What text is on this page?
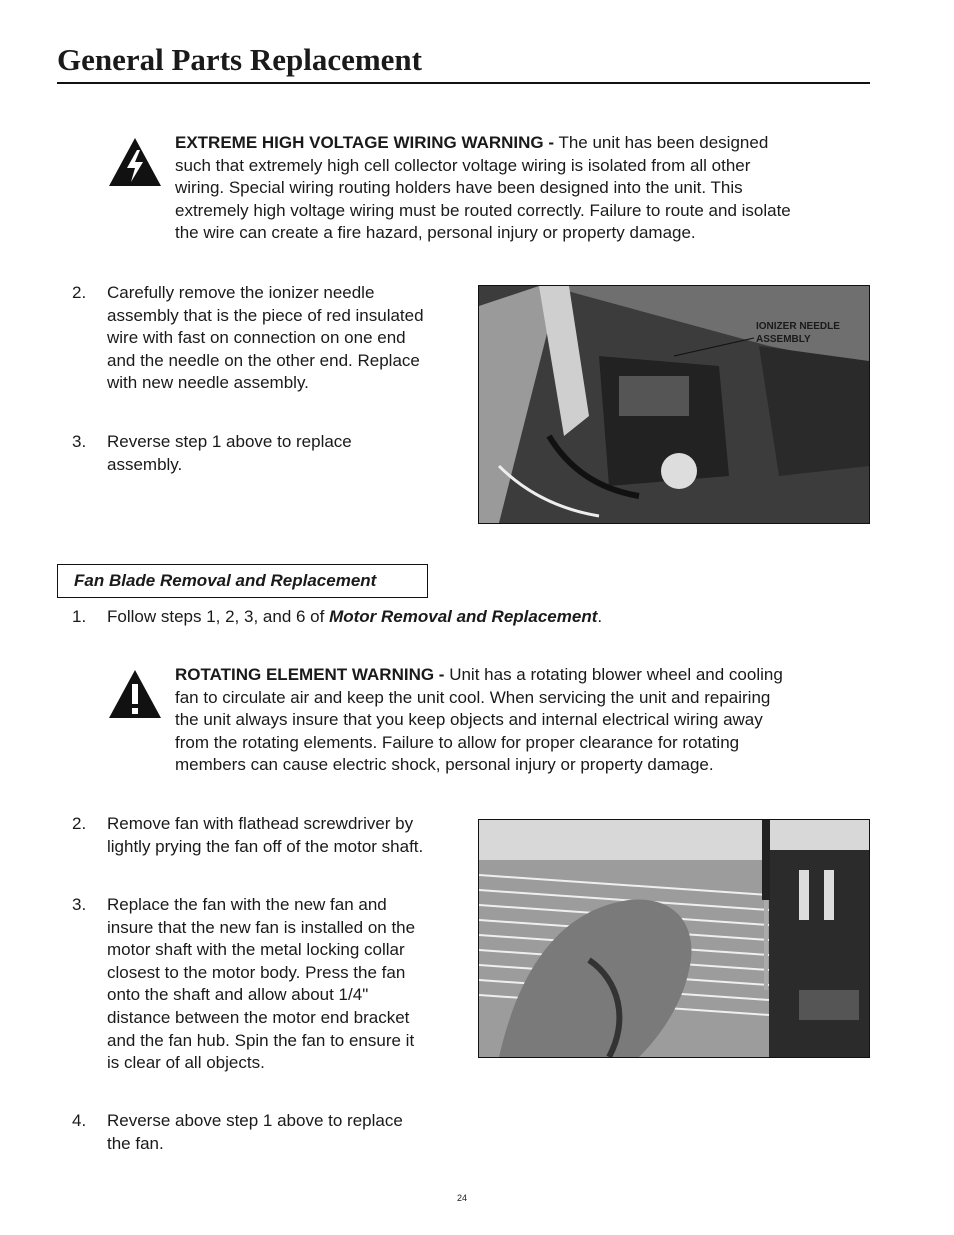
General Parts Replacement
EXTREME HIGH VOLTAGE WIRING WARNING - The unit has been designed
such that extremely high cell collector voltage wiring is isolated from all other
wiring. Special wiring routing holders have been designed into the unit. This
extremely high voltage wiring must be routed correctly. Failure to route and isolate
the wire can create a fire hazard, personal injury or property damage.
2.	Carefully remove the ionizer needle
assembly that is the piece of red insulated
wire with fast on connection on one end
and the needle on the other end. Replace
with new needle assembly.
3.	Reverse step 1 above to replace
assembly.
IONIZER NEEDLE
ASSEMBLY
Fan Blade Removal and Replacement
1.	Follow steps 1, 2, 3, and 6 of Motor Removal and Replacement.
ROTATING ELEMENT WARNING - Unit has a rotating blower wheel and cooling
fan to circulate air and keep the unit cool. When servicing the unit and repairing
the unit always insure that you keep objects and internal electrical wiring away
from the rotating elements. Failure to allow for proper clearance for rotating
members can cause electric shock, personal injury or property damage.
2.	Remove fan with flathead screwdriver by
lightly prying the fan off of the motor shaft.
3.	Replace the fan with the new fan and
insure that the new fan is installed on the
motor shaft with the metal locking collar
closest to the motor body. Press the fan
onto the shaft and allow about 1/4"
distance between the motor end bracket
and the fan hub. Spin the fan to ensure it
is clear of all objects.
4.	Reverse above step 1 above to replace
the fan.
24
